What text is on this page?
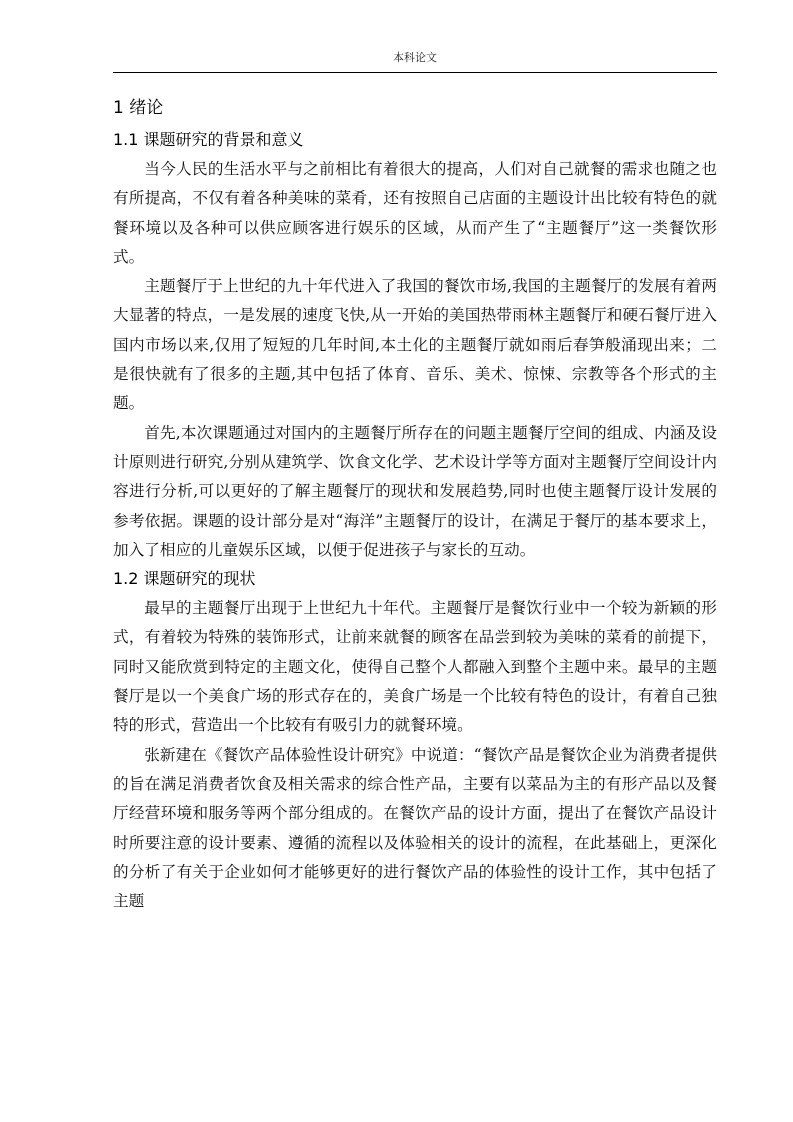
本科论文
1 绪论
1.1 课题研究的背景和意义

当今人民的生活水平与之前相比有着很大的提高，人们对自己就餐的需求也随之也有所提高，不仅有着各种美味的菜肴，还有按照自己店面的主题设计出比较有特色的就餐环境以及各种可以供应顾客进行娱乐的区域，从而产生了“主题餐厅”这一类餐饮形式。

主题餐厅于上世纪的九十年代进入了我国的餐饮市场,我国的主题餐厅的发展有着两大显著的特点，一是发展的速度飞快,从一开始的美国热带雨林主题餐厅和硬石餐厅进入国内市场以来,仅用了短短的几年时间,本土化的主题餐厅就如雨后春笋般涌现出来；二是很快就有了很多的主题,其中包括了体育、音乐、美术、惊悚、宗教等各个形式的主题。

首先,本次课题通过对国内的主题餐厅所存在的问题主题餐厅空间的组成、内涵及设计原则进行研究,分别从建筑学、饮食文化学、艺术设计学等方面对主题餐厅空间设计内容进行分析,可以更好的了解主题餐厅的现状和发展趋势,同时也使主题餐厅设计发展的参考依据。课题的设计部分是对“海洋”主题餐厅的设计，在满足于餐厅的基本要求上，加入了相应的儿童娱乐区域，以便于促进孩子与家长的互动。

1.2 课题研究的现状

最早的主题餐厅出现于上世纪九十年代。主题餐厅是餐饮行业中一个较为新颖的形式，有着较为特殊的装饰形式，让前来就餐的顾客在品尝到较为美味的菜肴的前提下，同时又能欣赏到特定的主题文化，使得自己整个人都融入到整个主题中来。最早的主题餐厅是以一个美食广场的形式存在的，美食广场是一个比较有特色的设计，有着自己独特的形式，营造出一个比较有有吸引力的就餐环境。

张新建在《餐饮产品体验性设计研究》中说道：“餐饮产品是餐饮企业为消费者提供的旨在满足消费者饮食及相关需求的综合性产品，主要有以菜品为主的有形产品以及餐厅经营环境和服务等两个部分组成的。在餐饮产品的设计方面，提出了在餐饮产品设计时所要注意的设计要素、遵循的流程以及体验相关的设计的流程，在此基础上，更深化的分析了有关于企业如何才能够更好的进行餐饮产品的体验性的设计工作，其中包括了主题
